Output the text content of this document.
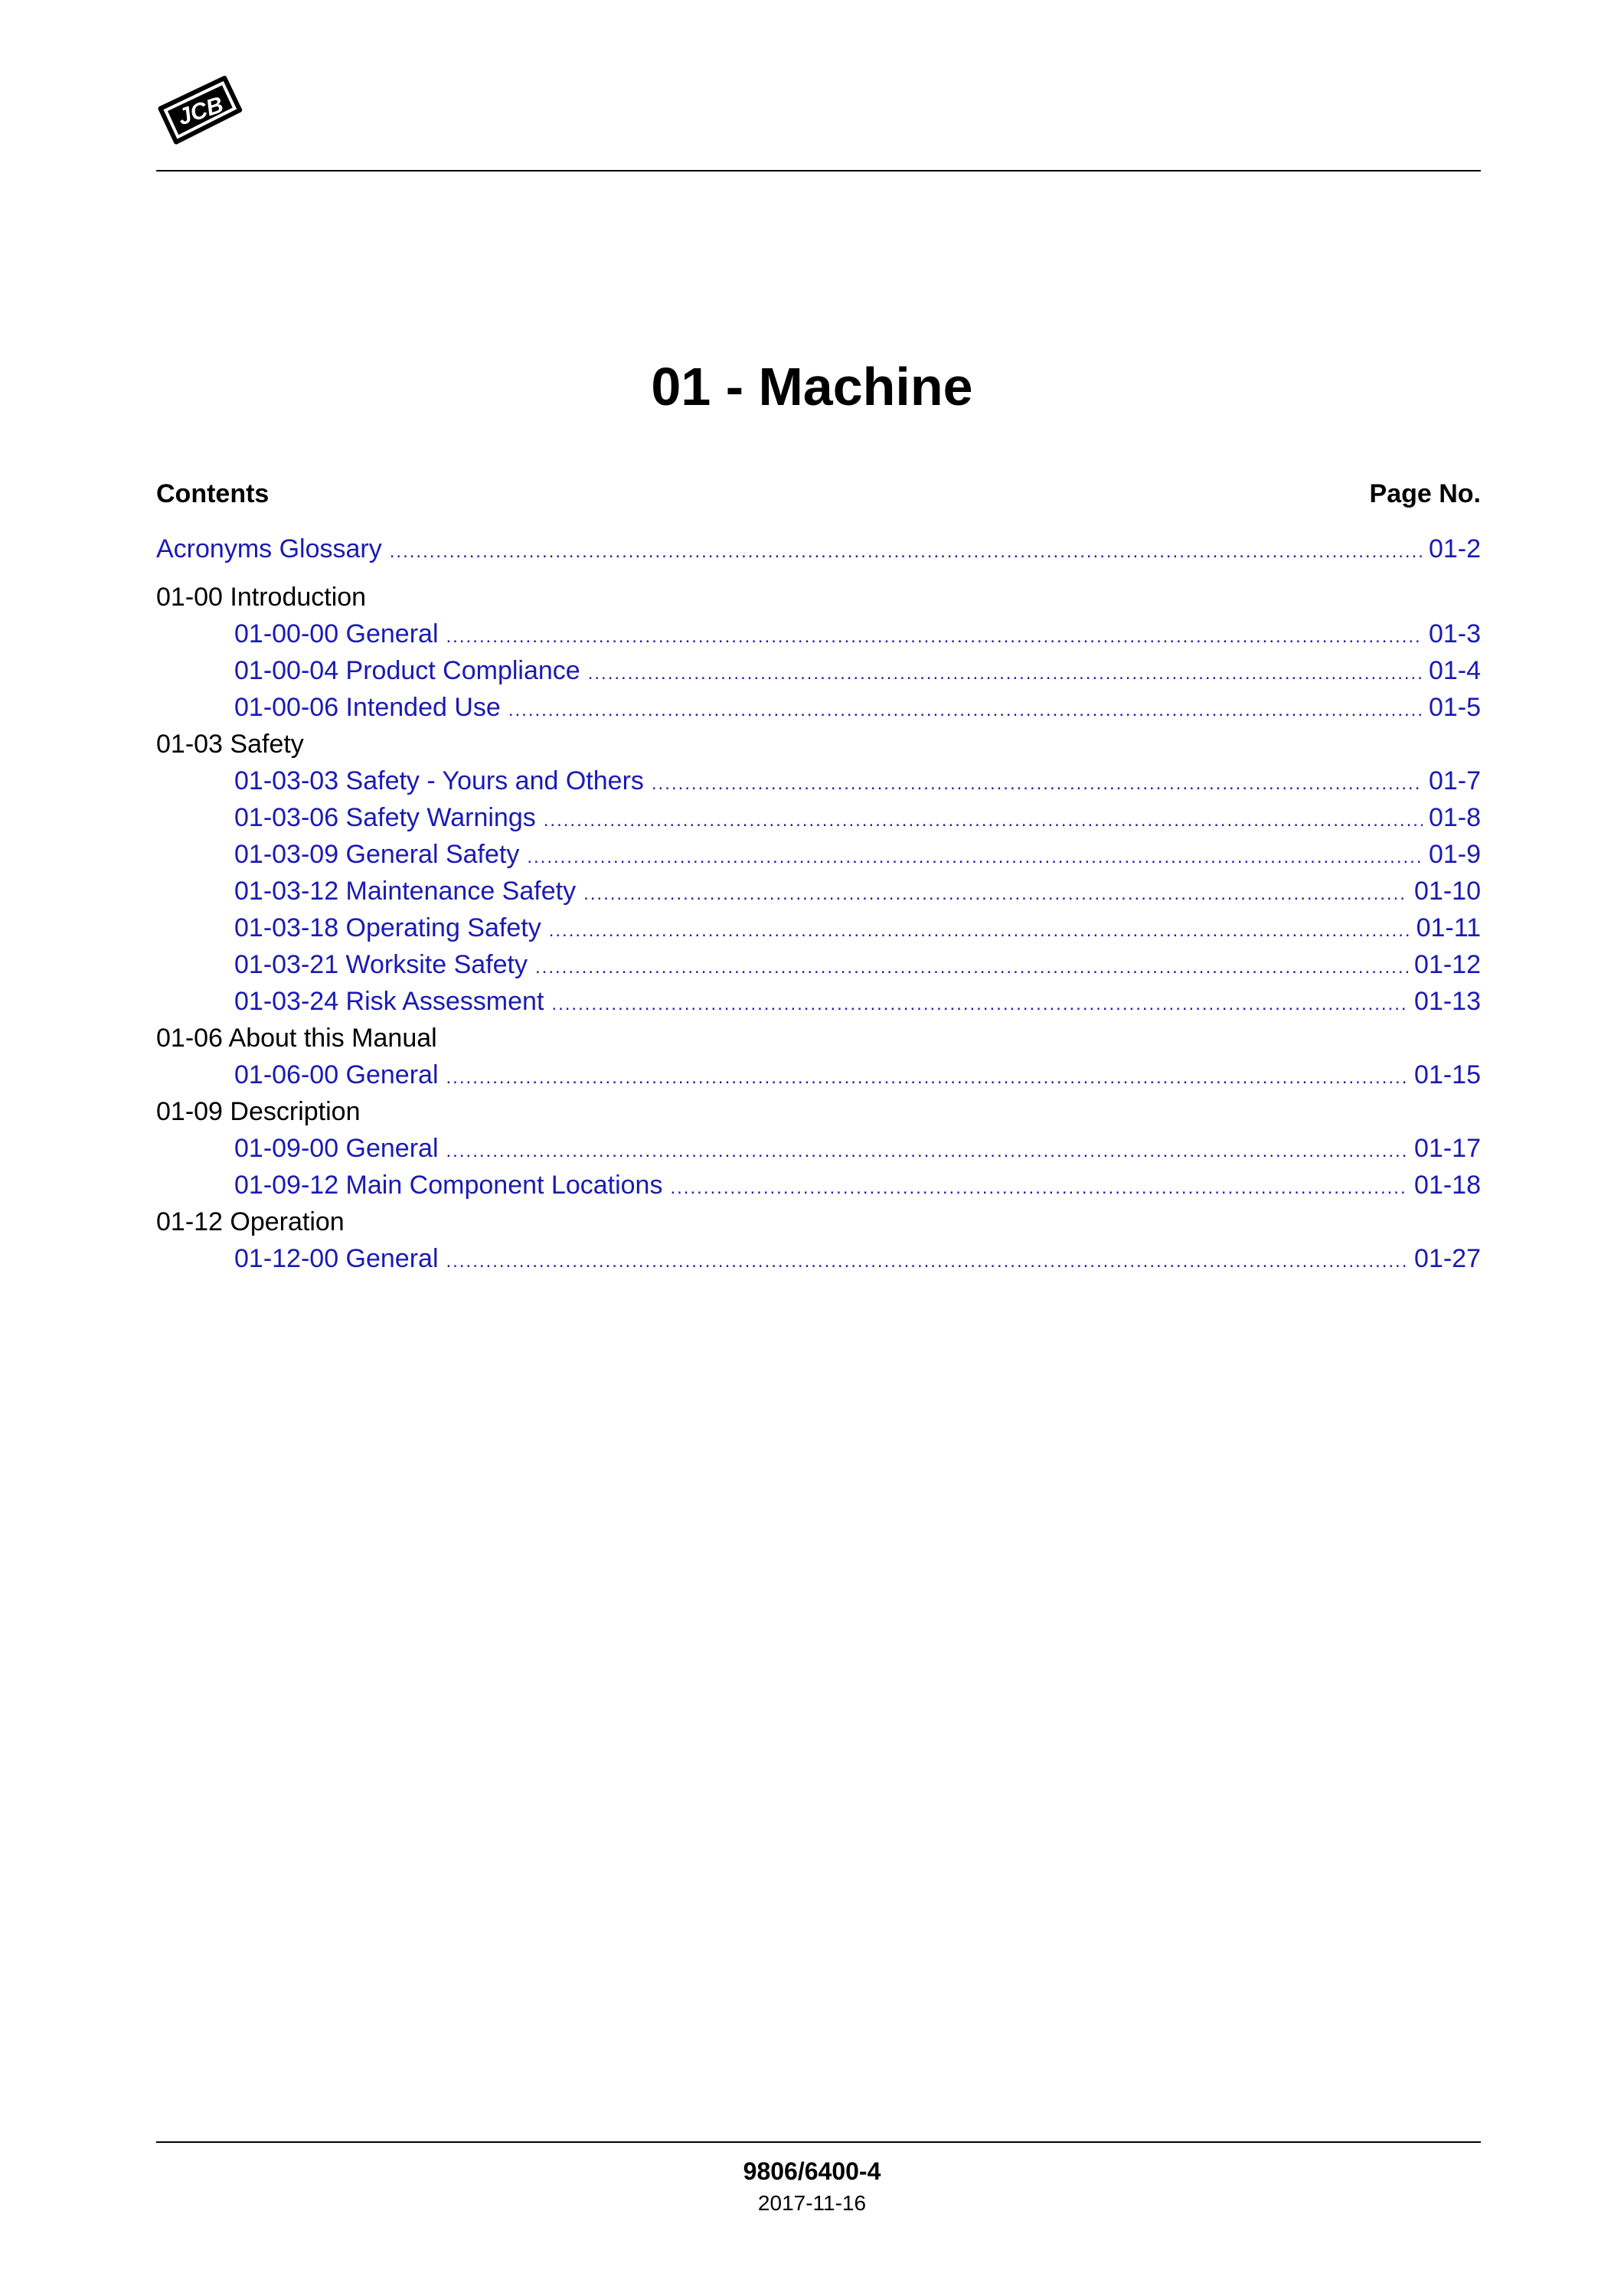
JCB
01 - Machine
Contents	Page No.
Acronyms Glossary .....	01-2
01-00 Introduction
01-00-00 General .....	01-3
01-00-04 Product Compliance .....	01-4
01-00-06 Intended Use .....	01-5
01-03 Safety
01-03-03 Safety - Yours and Others .....	01-7
01-03-06 Safety Warnings .....	01-8
01-03-09 General Safety .....	01-9
01-03-12 Maintenance Safety .....	01-10
01-03-18 Operating Safety .....	01-11
01-03-21 Worksite Safety .....	01-12
01-03-24 Risk Assessment .....	01-13
01-06 About this Manual
01-06-00 General .....	01-15
01-09 Description
01-09-00 General .....	01-17
01-09-12 Main Component Locations .....	01-18
01-12 Operation
01-12-00 General .....	01-27
9806/6400-4
2017-11-16
